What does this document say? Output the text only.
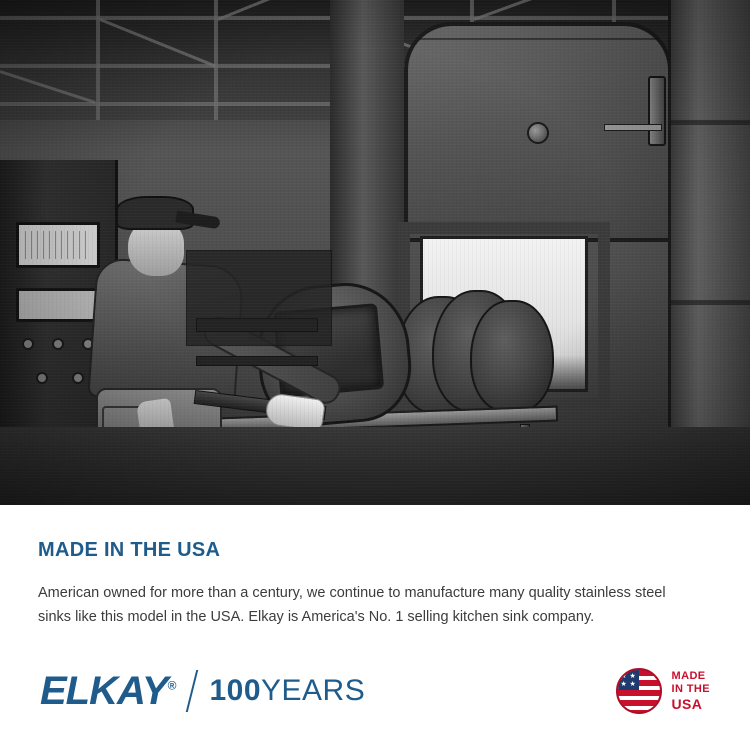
MADE IN THE USA

American owned for more than a century, we continue to manufacture many quality stainless steel sinks like this model in the USA. Elkay is America's No. 1 selling kitchen sink company.

ELKAY® 100YEARS	★ ★
★ ★
MADE
IN THE
USA
